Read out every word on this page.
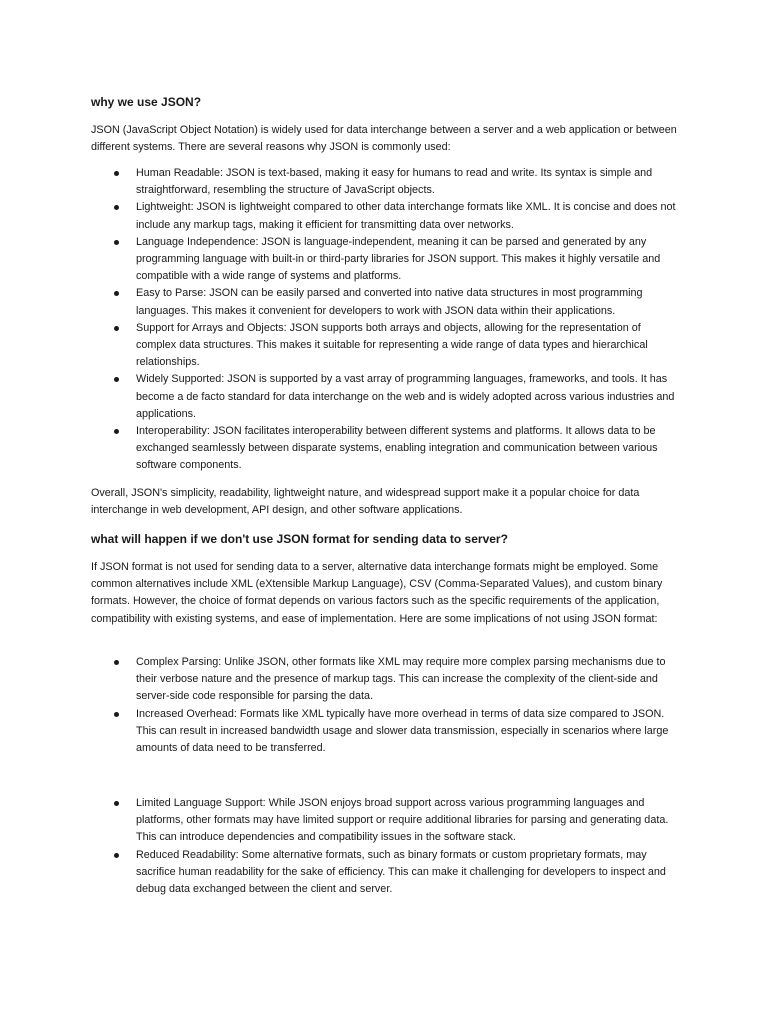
why we use JSON?

JSON (JavaScript Object Notation) is widely used for data interchange between a server and a web application or between different systems. There are several reasons why JSON is commonly used:

Human Readable: JSON is text-based, making it easy for humans to read and write. Its syntax is simple and straightforward, resembling the structure of JavaScript objects.
Lightweight: JSON is lightweight compared to other data interchange formats like XML. It is concise and does not include any markup tags, making it efficient for transmitting data over networks.
Language Independence: JSON is language-independent, meaning it can be parsed and generated by any programming language with built-in or third-party libraries for JSON support. This makes it highly versatile and compatible with a wide range of systems and platforms.
Easy to Parse: JSON can be easily parsed and converted into native data structures in most programming languages. This makes it convenient for developers to work with JSON data within their applications.
Support for Arrays and Objects: JSON supports both arrays and objects, allowing for the representation of complex data structures. This makes it suitable for representing a wide range of data types and hierarchical relationships.
Widely Supported: JSON is supported by a vast array of programming languages, frameworks, and tools. It has become a de facto standard for data interchange on the web and is widely adopted across various industries and applications.
Interoperability: JSON facilitates interoperability between different systems and platforms. It allows data to be exchanged seamlessly between disparate systems, enabling integration and communication between various software components.

Overall, JSON's simplicity, readability, lightweight nature, and widespread support make it a popular choice for data interchange in web development, API design, and other software applications.

what will happen if we don't use JSON format for sending data to server?

If JSON format is not used for sending data to a server, alternative data interchange formats might be employed. Some common alternatives include XML (eXtensible Markup Language), CSV (Comma-Separated Values), and custom binary formats. However, the choice of format depends on various factors such as the specific requirements of the application, compatibility with existing systems, and ease of implementation. Here are some implications of not using JSON format:

Complex Parsing: Unlike JSON, other formats like XML may require more complex parsing mechanisms due to their verbose nature and the presence of markup tags. This can increase the complexity of the client-side and server-side code responsible for parsing the data.
Increased Overhead: Formats like XML typically have more overhead in terms of data size compared to JSON. This can result in increased bandwidth usage and slower data transmission, especially in scenarios where large amounts of data need to be transferred.
Limited Language Support: While JSON enjoys broad support across various programming languages and platforms, other formats may have limited support or require additional libraries for parsing and generating data. This can introduce dependencies and compatibility issues in the software stack.
Reduced Readability: Some alternative formats, such as binary formats or custom proprietary formats, may sacrifice human readability for the sake of efficiency. This can make it challenging for developers to inspect and debug data exchanged between the client and server.
